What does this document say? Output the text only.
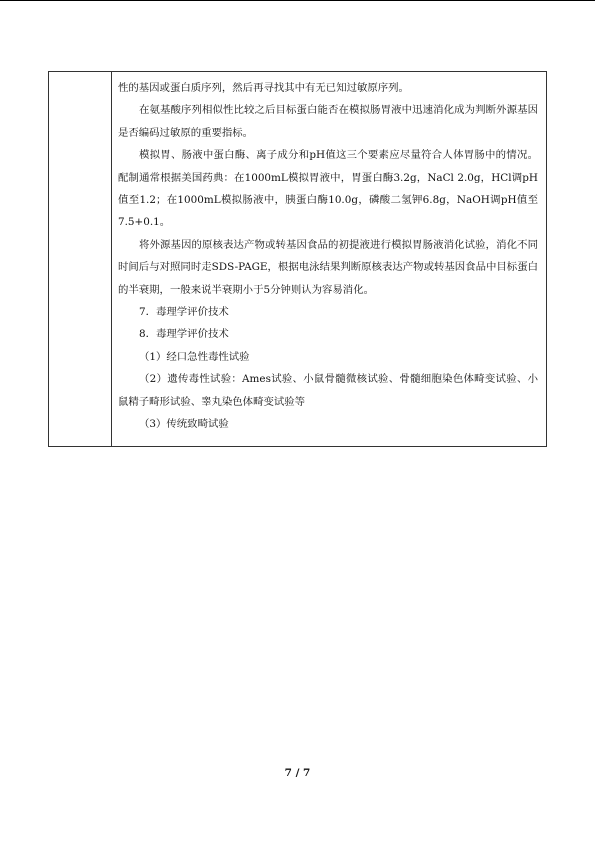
性的基因或蛋白质序列，然后再寻找其中有无已知过敏原序列。

在氨基酸序列相似性比较之后目标蛋白能否在模拟肠胃液中迅速消化成为判断外源基因是否编码过敏原的重要指标。

模拟胃、肠液中蛋白酶、离子成分和pH值这三个要素应尽量符合人体胃肠中的情况。配制通常根据美国药典：在1000mL模拟胃液中，胃蛋白酶3.2g，NaCl 2.0g，HCl调pH值至1.2；在1000mL模拟肠液中，胰蛋白酶10.0g，磷酸二氢钾6.8g，NaOH调pH值至7.5+0.1。

将外源基因的原核表达产物或转基因食品的初提液进行模拟胃肠液消化试验，消化不同时间后与对照同时走SDS-PAGE，根据电泳结果判断原核表达产物或转基因食品中目标蛋白的半衰期，一般来说半衰期小于5分钟则认为容易消化。

7．毒理学评价技术

8．毒理学评价技术

（1）经口急性毒性试验

（2）遗传毒性试验：Ames试验、小鼠骨髓微核试验、骨髓细胞染色体畸变试验、小鼠精子畸形试验、睾丸染色体畸变试验等

（3）传统致畸试验

7 / 7
